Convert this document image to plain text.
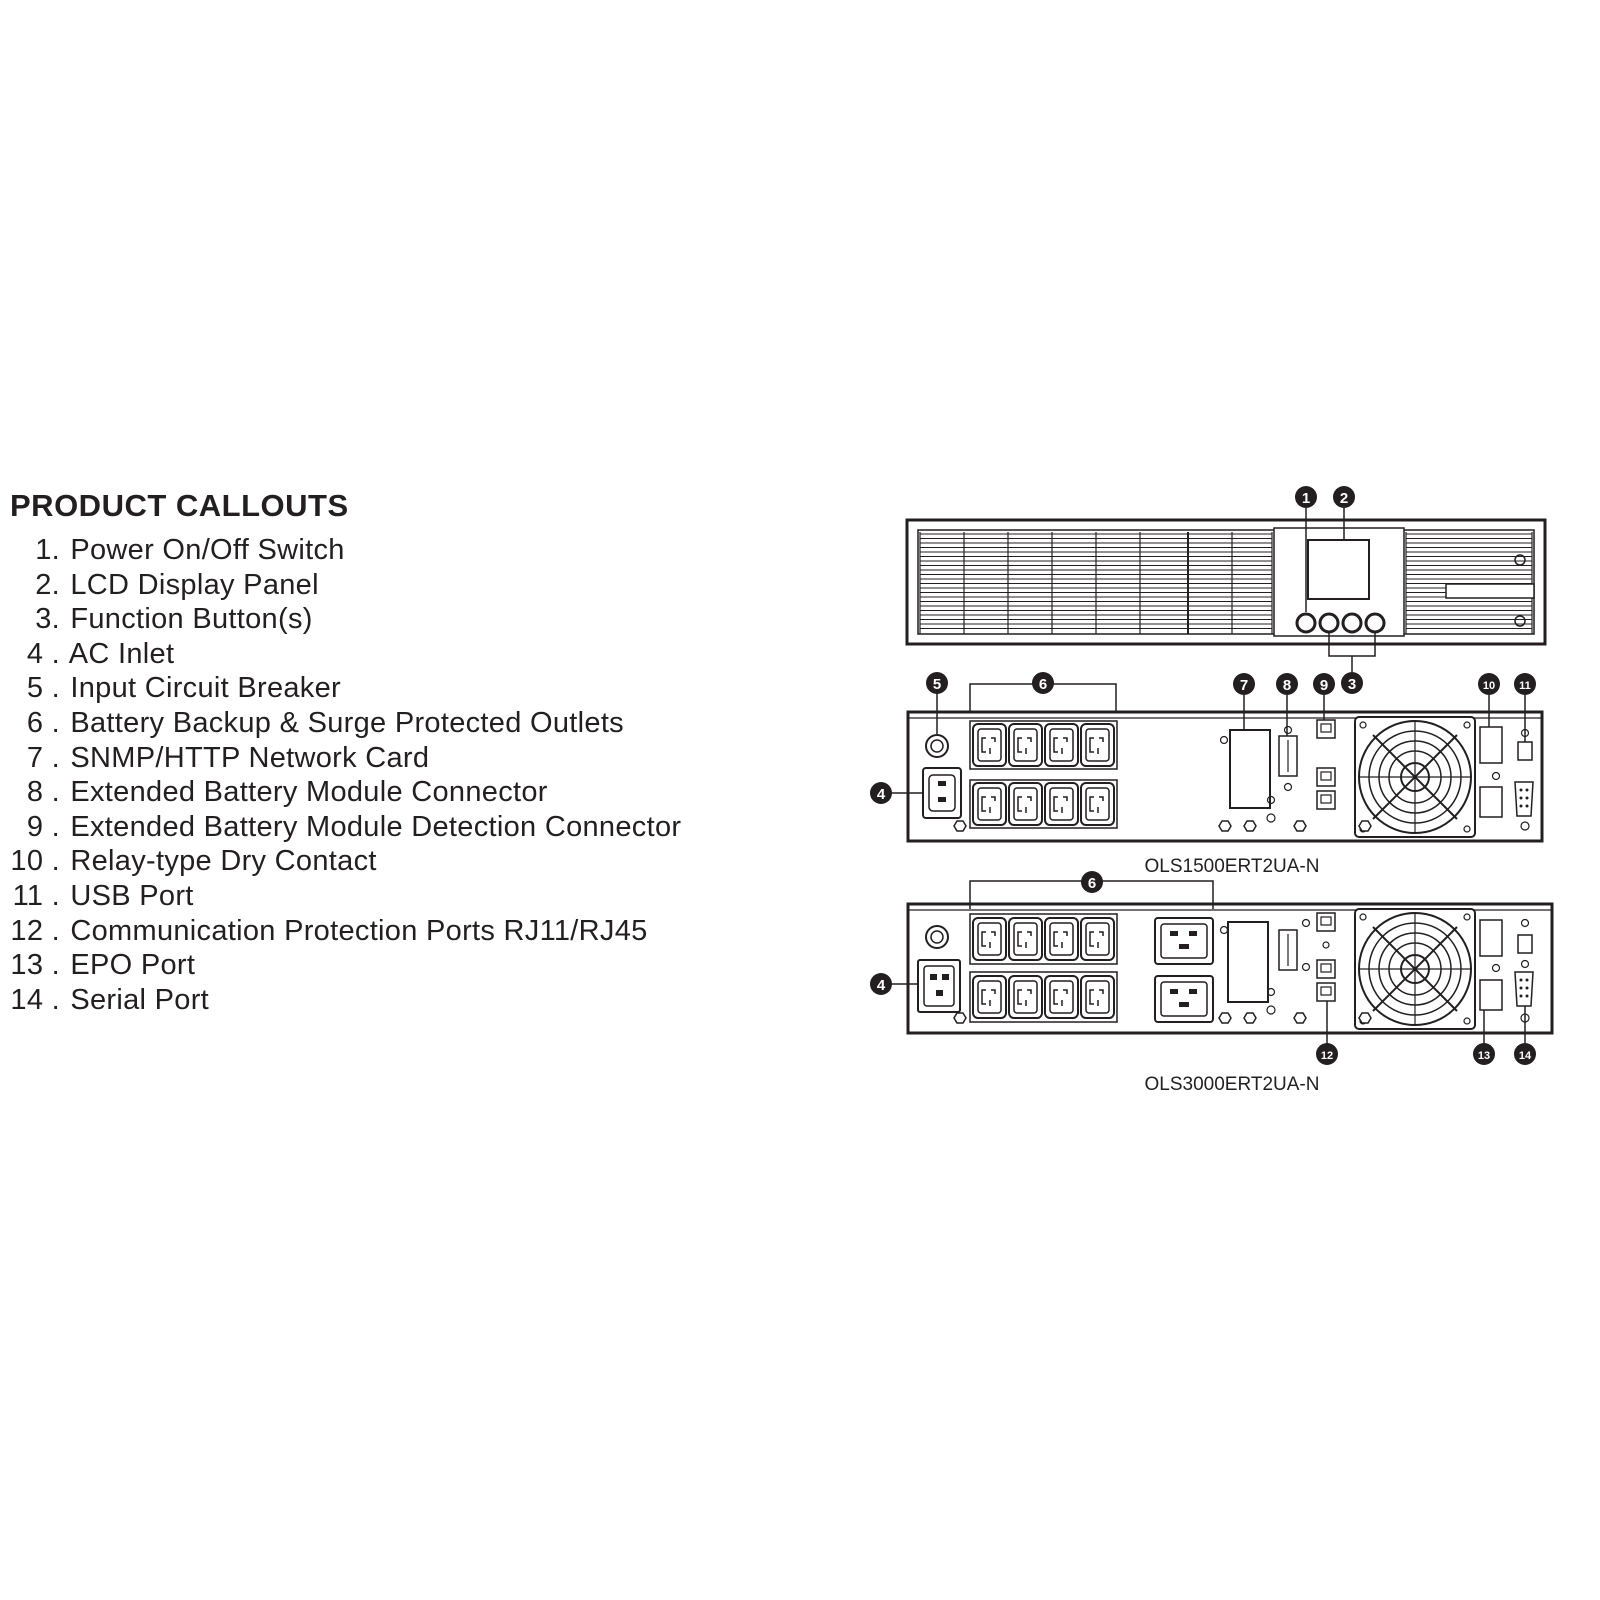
PRODUCT CALLOUTS
1. Power On/Off Switch
2. LCD Display Panel
3. Function Button(s)
4 . AC Inlet
5 . Input Circuit Breaker
6 . Battery Backup & Surge Protected Outlets
7 . SNMP/HTTP Network Card
8 . Extended Battery Module Connector
9 . Extended Battery Module Detection Connector
10 . Relay-type Dry Contact
11 . USB Port
12 . Communication Protection Ports RJ11/RJ45
13 . EPO Port
14 . Serial Port
OLS1500ERT2UA-N
OLS3000ERT2UA-N
1 2
3
5	6	7 8 9	10 11
4
6
4
12	13	14
